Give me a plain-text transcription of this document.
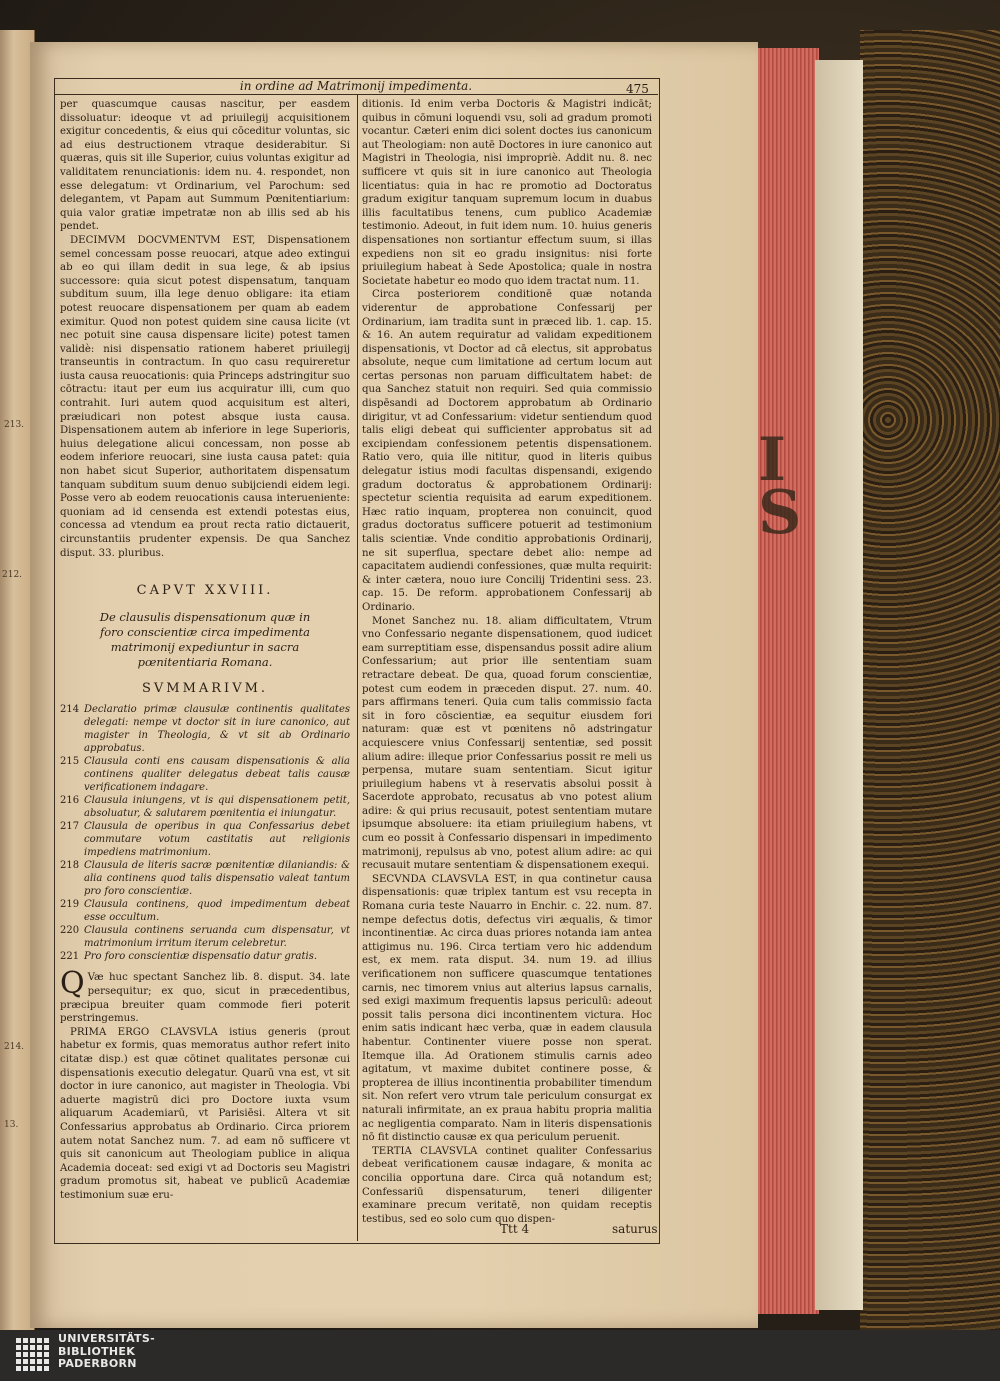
213.
212.
214.
13.
I
S
in ordine ad Matrimonij impedimenta.	475

per quascumque causas nascitur, per easdem dissoluatur: ideoque vt ad priuilegij acquisitionem exigitur concedentis, & eius qui cōceditur voluntas, sic ad eius destructionem vtraque desiderabitur. Si quæras, quis sit ille Superior, cuius voluntas exigitur ad validitatem renunciationis: idem nu. 4. respondet, non esse delegatum: vt Ordinarium, vel Parochum: sed delegantem, vt Papam aut Summum Pœnitentiarium: quia valor gratiæ impetratæ non ab illis sed ab his pendet.

DECIMVM DOCVMENTVM EST, Dispensationem semel concessam posse reuocari, atque adeo extingui ab eo qui illam dedit in sua lege, & ab ipsius successore: quia sicut potest dispensatum, tanquam subditum suum, illa lege denuo obligare: ita etiam potest reuocare dispensationem per quam ab eadem eximitur. Quod non potest quidem sine causa licite (vt nec potuit sine causa dispensare licite) potest tamen validè: nisi dispensatio rationem haberet priuilegij transeuntis in contractum. In quo casu requireretur iusta causa reuocationis: quia Princeps adstringitur suo cōtractu: itaut per eum ius acquiratur illi, cum quo contrahit. Iuri autem quod acquisitum est alteri, præiudicari non potest absque iusta causa. Dispensationem autem ab inferiore in lege Superioris, huius delegatione alicui concessam, non posse ab eodem inferiore reuocari, sine iusta causa patet: quia non habet sicut Superior, authoritatem dispensatum tanquam subditum suum denuo subijciendi eidem legi. Posse vero ab eodem reuocationis causa interueniente: quoniam ad id censenda est extendi potestas eius, concessa ad vtendum ea prout recta ratio dictauerit, circunstantiis prudenter expensis. De qua Sanchez disput. 33. pluribus.

CAPVT XXVIII.
De clausulis dispensationum quæ in foro conscientiæ circa impedimenta matrimonij expediuntur in sacra pœnitentiaria Romana.
SVMMARIVM.
214 Declaratio primæ clausulæ continentis qualitates delegati: nempe vt doctor sit in iure canonico, aut magister in Theologia, & vt sit ab Ordinario approbatus.
215 Clausula conti ens causam dispensationis & alia continens qualiter delegatus debeat talis causæ verificationem indagare.
216 Clausula iniungens, vt is qui dispensationem petit, absoluatur, & salutarem pœnitentia ei iniungatur.
217 Clausula de operibus in qua Confessarius debet commutare votum castitatis aut religionis impediens matrimonium.
218 Clausula de literis sacræ pœnitentiæ dilaniandis: & alia continens quod talis dispensatio valeat tantum pro foro conscientiæ.
219 Clausula continens, quod impedimentum debeat esse occultum.
220 Clausula continens seruanda cum dispensatur, vt matrimonium irritum iterum celebretur.
221 Pro foro conscientiæ dispensatio datur gratis.

Q Væ huc spectant Sanchez lib. 8. disput. 34. late persequitur; ex quo, sicut in præcedentibus, præcipua breuiter quam commode fieri poterit perstringemus.

PRIMA ERGO CLAVSVLA istius generis (prout habetur ex formis, quas memoratus author refert inito citatæ disp.) est quæ cōtinet qualitates personæ cui dispensationis executio delegatur. Quarū vna est, vt sit doctor in iure canonico, aut magister in Theologia. Vbi aduerte magistrū dici pro Doctore iuxta vsum aliquarum Academiarū, vt Parisiēsi. Altera vt sit Confessarius approbatus ab Ordinario. Circa priorem autem notat Sanchez num. 7. ad eam nō sufficere vt quis sit canonicum aut Theologiam publice in aliqua Academia doceat: sed exigi vt ad Doctoris seu Magistri gradum promotus sit, habeat ve publicū Academiæ testimonium suæ eru-

ditionis. Id enim verba Doctoris & Magistri indicāt; quibus in cōmuni loquendi vsu, soli ad gradum promoti vocantur. Cæteri enim dici solent doctes ius canonicum aut Theologiam: non autē Doctores in iure canonico aut Magistri in Theologia, nisi impropriè. Addit nu. 8. nec sufficere vt quis sit in iure canonico aut Theologia licentiatus: quia in hac re promotio ad Doctoratus gradum exigitur tanquam supremum locum in duabus illis facultatibus tenens, cum publico Academiæ testimonio. Adeout, in fuit idem num. 10. huius generis dispensationes non sortiantur effectum suum, si illas expediens non sit eo gradu insignitus: nisi forte priuilegium habeat à Sede Apostolica; quale in nostra Societate habetur eo modo quo idem tractat num. 11.

Circa posteriorem conditionē quæ notanda viderentur de approbatione Confessarij per Ordinarium, iam tradita sunt in præced lib. 1. cap. 15. & 16. An autem requiratur ad validam expeditionem dispensationis, vt Doctor ad cā electus, sit approbatus absolute, neque cum limitatione ad certum locum aut certas personas non paruam difficultatem habet: de qua Sanchez statuit non requiri. Sed quia commissio dispēsandi ad Doctorem approbatum ab Ordinario dirigitur, vt ad Confessarium: videtur sentiendum quod talis eligi debeat qui sufficienter approbatus sit ad excipiendam confessionem petentis dispensationem. Ratio vero, quia ille nititur, quod in literis quibus delegatur istius modi facultas dispensandi, exigendo gradum doctoratus & approbationem Ordinarij: spectetur scientia requisita ad earum expeditionem. Hæc ratio inquam, propterea non conuincit, quod gradus doctoratus sufficere potuerit ad testimonium talis scientiæ. Vnde conditio approbationis Ordinarij, ne sit superflua, spectare debet alio: nempe ad capacitatem audiendi confessiones, quæ multa requirit: & inter cætera, nouo iure Concilij Tridentini sess. 23. cap. 15. De reform. approbationem Confessarij ab Ordinario.

Monet Sanchez nu. 18. aliam difficultatem, Vtrum vno Confessario negante dispensationem, quod iudicet eam surreptitiam esse, dispensandus possit adire alium Confessarium; aut prior ille sententiam suam retractare debeat. De qua, quoad forum conscientiæ, potest cum eodem in præceden disput. 27. num. 40. pars affirmans teneri. Quia cum talis commissio facta sit in foro cōscientiæ, ea sequitur eiusdem fori naturam: quæ est vt pœnitens nō adstringatur acquiescere vnius Confessarij sententiæ, sed possit alium adire: illeque prior Confessarius possit re meli us perpensa, mutare suam sententiam. Sicut igitur priuilegium habens vt à reservatis absolui possit à Sacerdote approbato, recusatus ab vno potest alium adire: & qui prius recusauit, potest sententiam mutare ipsumque absoluere: ita etiam priuilegium habens, vt cum eo possit à Confessario dispensari in impedimento matrimonij, repulsus ab vno, potest alium adire: ac qui recusauit mutare sententiam & dispensationem exequi.

SECVNDA CLAVSVLA EST, in qua continetur causa dispensationis: quæ triplex tantum est vsu recepta in Romana curia teste Nauarro in Enchir. c. 22. num. 87. nempe defectus dotis, defectus viri æqualis, & timor incontinentiæ. Ac circa duas priores notanda iam antea attigimus nu. 196. Circa tertiam vero hic addendum est, ex mem. rata disput. 34. num 19. ad illius verificationem non sufficere quascumque tentationes carnis, nec timorem vnius aut alterius lapsus carnalis, sed exigi maximum frequentis lapsus periculū: adeout possit talis persona dici incontinentem victura. Hoc enim satis indicant hæc verba, quæ in eadem clausula habentur. Continenter viuere posse non sperat. Itemque illa. Ad Orationem stimulis carnis adeo agitatum, vt maxime dubitet continere posse, & propterea de illius incontinentia probabiliter timendum sit. Non refert vero vtrum tale periculum consurgat ex naturali infirmitate, an ex praua habitu propria malitia ac negligentia comparato. Nam in literis dispensationis nō fit distinctio causæ ex qua periculum peruenit.

TERTIA CLAVSVLA continet qualiter Confessarius debeat verificationem causæ indagare, & monita ac concilia opportuna dare. Circa quā notandum est; Confessariū dispensaturum, teneri diligenter examinare precum veritatē, non quidam receptis testibus, sed eo solo cum quo dispen-

Ttt 4	saturus
UNIVERSITÄTS-
BIBLIOTHEK
PADERBORN
